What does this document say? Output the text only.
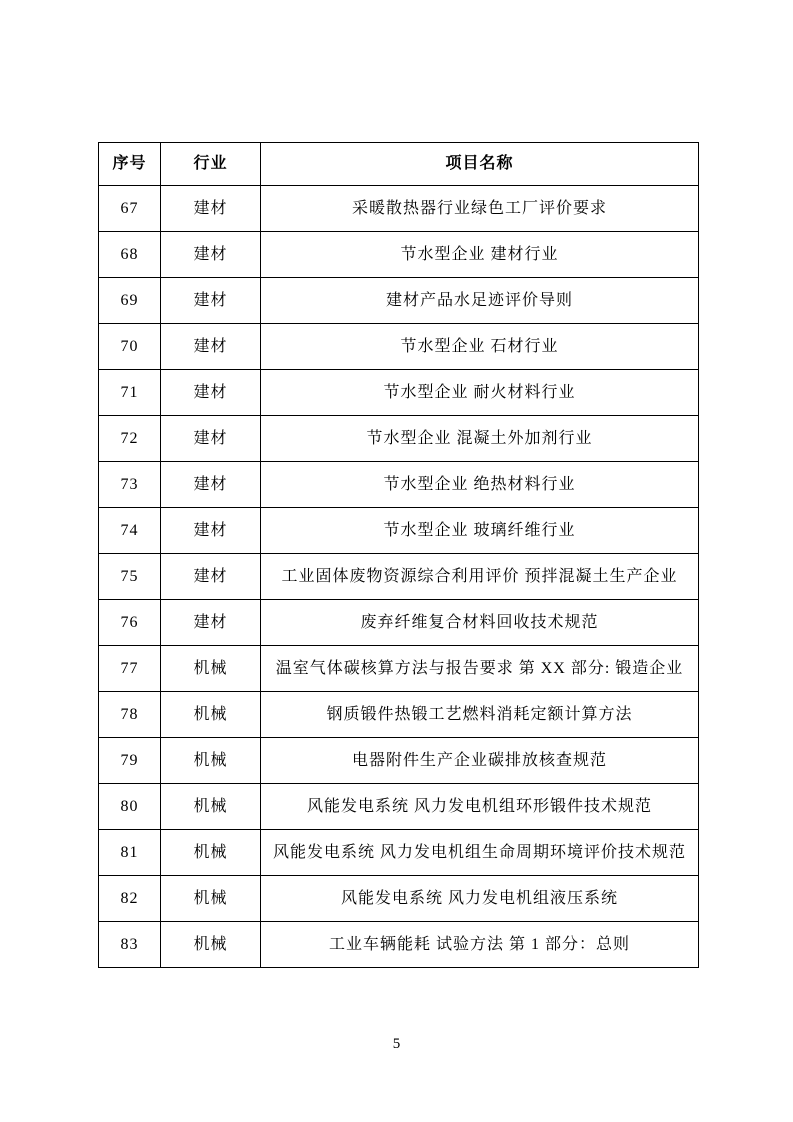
序号	行业	项目名称
67	建材	采暖散热器行业绿色工厂评价要求
68	建材	节水型企业 建材行业
69	建材	建材产品水足迹评价导则
70	建材	节水型企业 石材行业
71	建材	节水型企业 耐火材料行业
72	建材	节水型企业 混凝土外加剂行业
73	建材	节水型企业 绝热材料行业
74	建材	节水型企业 玻璃纤维行业
75	建材	工业固体废物资源综合利用评价 预拌混凝土生产企业
76	建材	废弃纤维复合材料回收技术规范
77	机械	温室气体碳核算方法与报告要求 第 XX 部分: 锻造企业
78	机械	钢质锻件热锻工艺燃料消耗定额计算方法
79	机械	电器附件生产企业碳排放核查规范
80	机械	风能发电系统 风力发电机组环形锻件技术规范
81	机械	风能发电系统 风力发电机组生命周期环境评价技术规范
82	机械	风能发电系统 风力发电机组液压系统
83	机械	工业车辆能耗 试验方法 第 1 部分：总则
5
